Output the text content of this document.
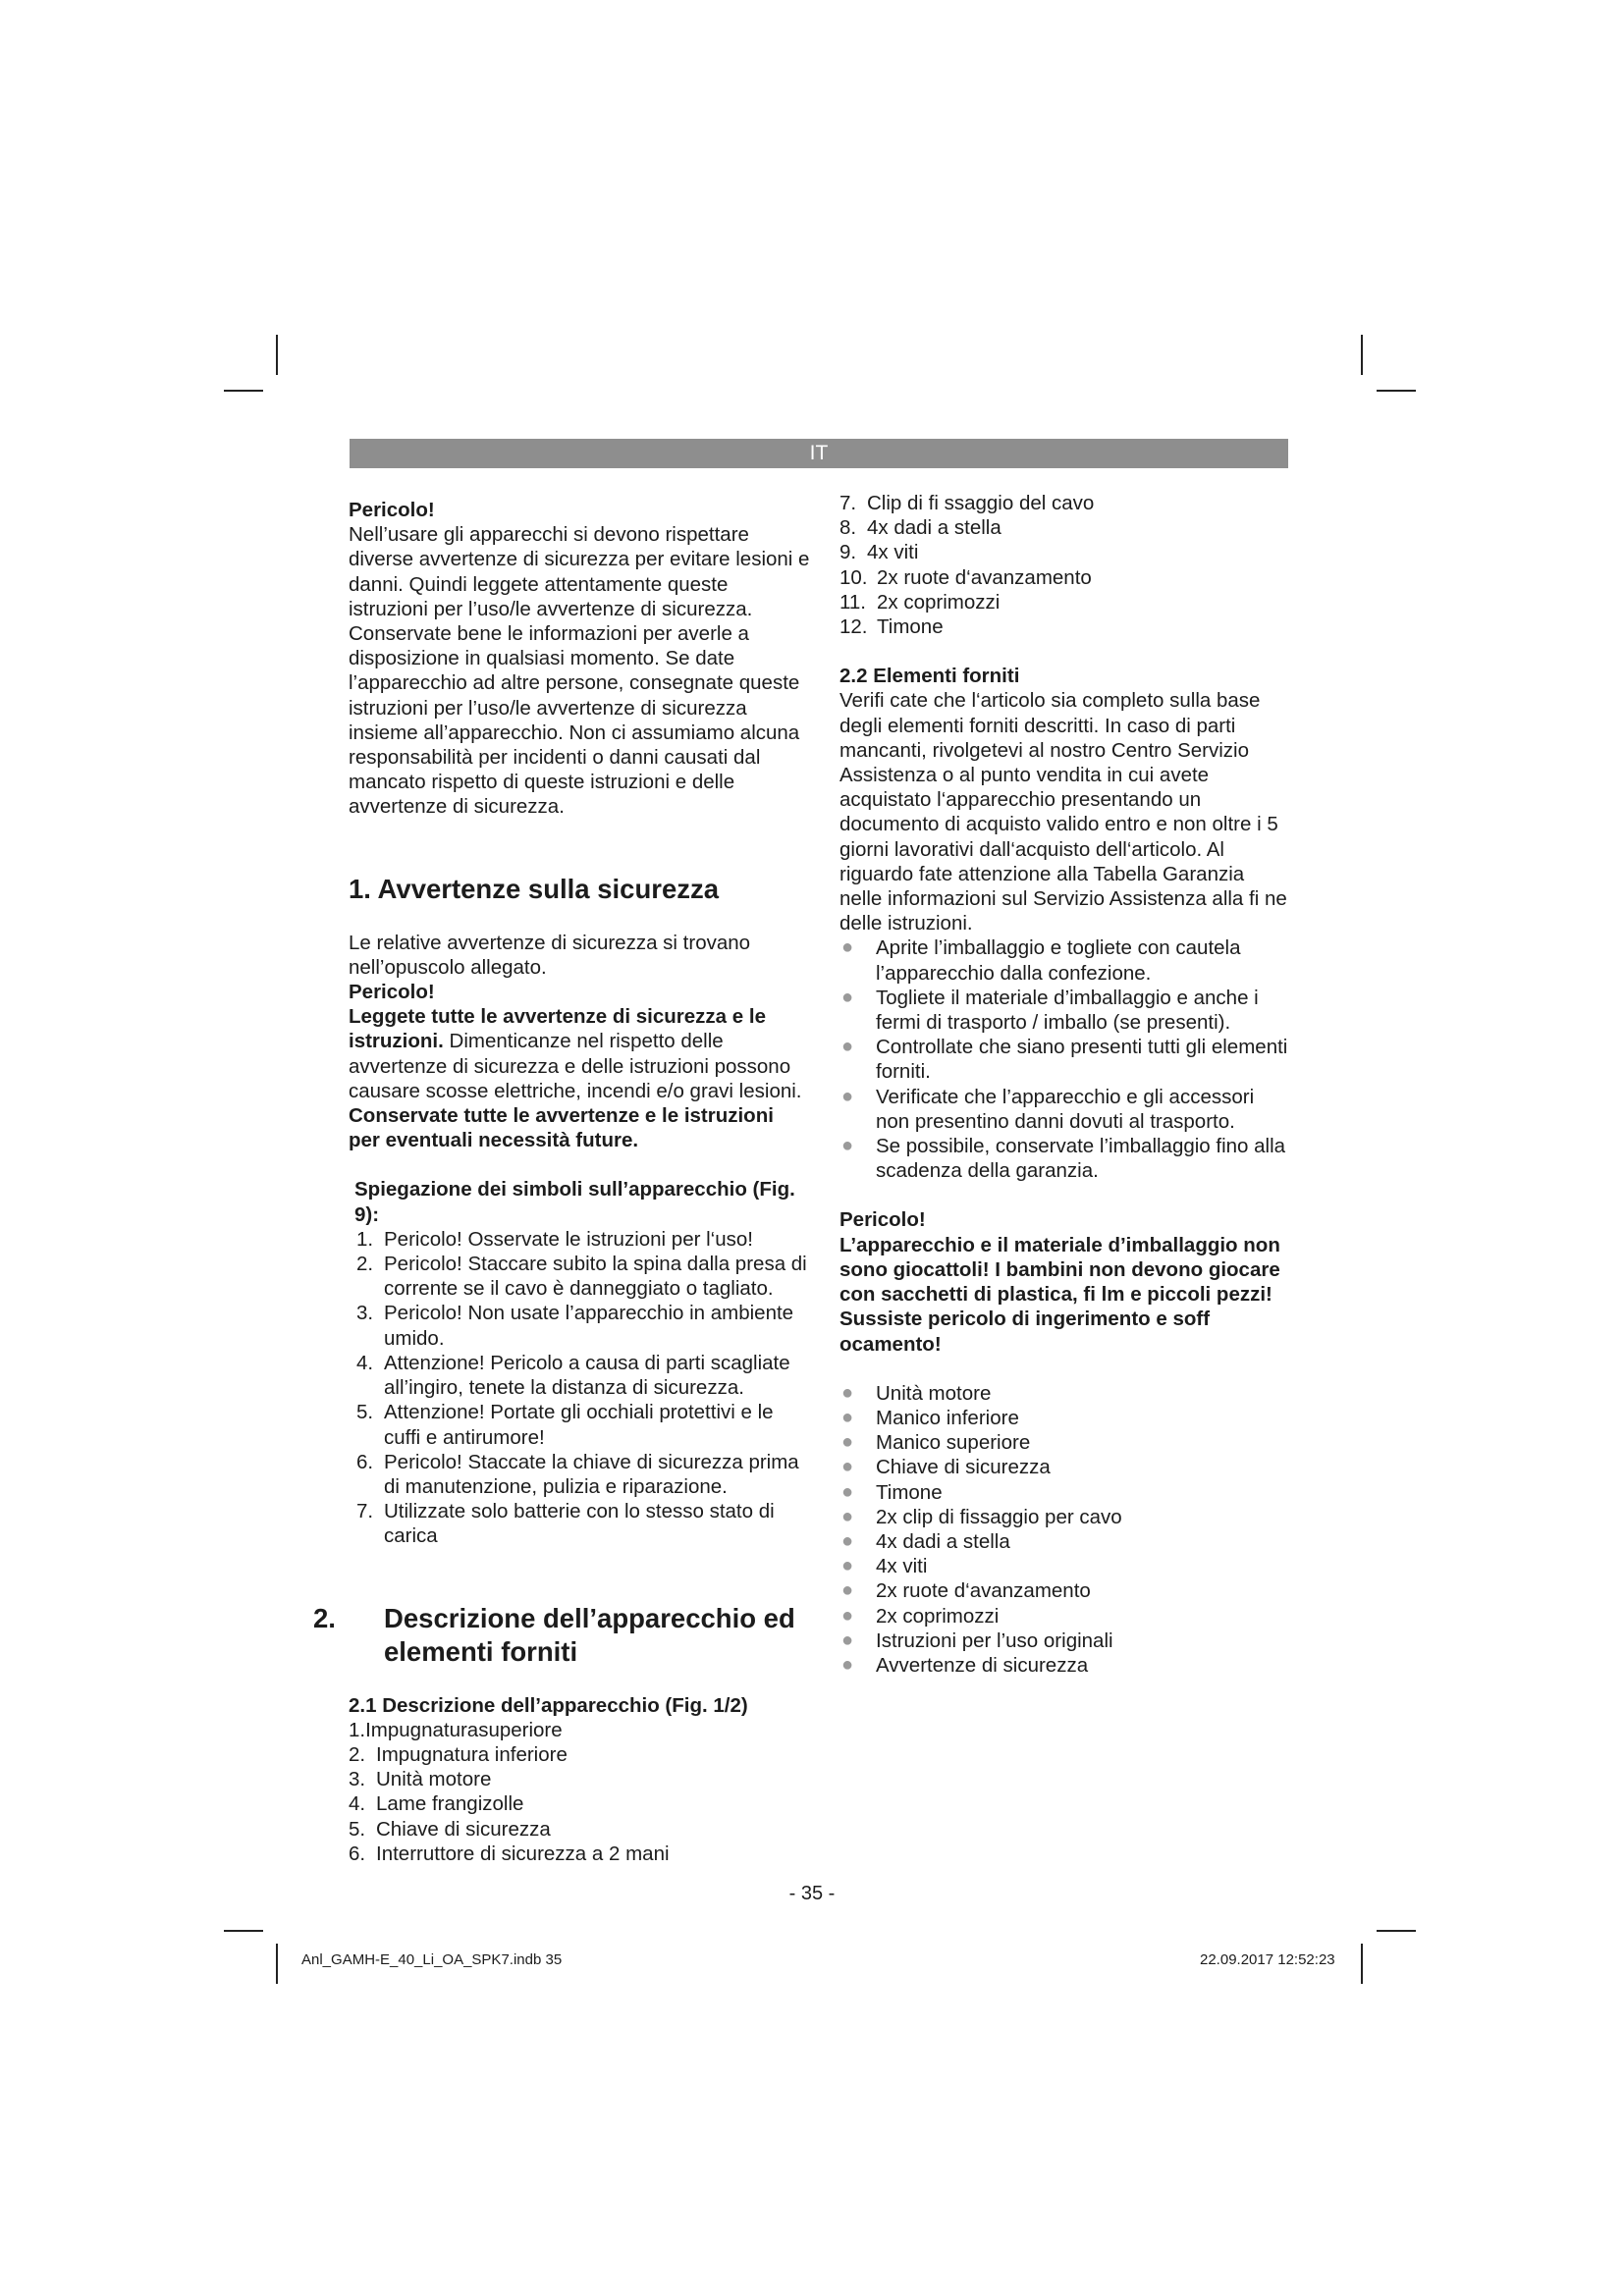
IT

Pericolo!

Nell’usare gli apparecchi si devono rispettare diverse avvertenze di sicurezza per evitare lesioni e danni. Quindi leggete attentamente queste istruzioni per l’uso/le avvertenze di sicurezza. Conservate bene le informazioni per averle a disposizione in qualsiasi momento. Se date l’apparecchio ad altre persone, consegnate queste istruzioni per l’uso/le avvertenze di sicurezza insieme all’apparecchio. Non ci assumiamo alcuna responsabilità per incidenti o danni causati dal mancato rispetto di queste istruzioni e delle avvertenze di sicurezza.

1. Avvertenze sulla sicurezza

Le relative avvertenze di sicurezza si trovano nell’opuscolo allegato.

Pericolo!

Leggete tutte le avvertenze di sicurezza e le istruzioni. Dimenticanze nel rispetto delle avvertenze di sicurezza e delle istruzioni possono causare scosse elettriche, incendi e/o gravi lesioni.

Conservate tutte le avvertenze e le istruzioni per eventuali necessità future.

Spiegazione dei simboli sull’apparecchio (Fig. 9):

1. Pericolo! Osservate le istruzioni per l‘uso!
2. Pericolo! Staccare subito la spina dalla presa di corrente se il cavo è danneggiato o tagliato.
3. Pericolo! Non usate l’apparecchio in ambiente umido.
4. Attenzione! Pericolo a causa di parti scagliate all’ingiro, tenete la distanza di sicurezza.
5. Attenzione! Portate gli occhiali protettivi e le cuffi e antirumore!
6. Pericolo! Staccate la chiave di sicurezza prima di manutenzione, pulizia e riparazione.
7. Utilizzate solo batterie con lo stesso stato di carica

2. Descrizione dell’apparecchio ed elementi forniti

2.1 Descrizione dell’apparecchio (Fig. 1/2)

1.Impugnaturasuperiore

2. Impugnatura inferiore
3. Unità motore
4. Lame frangizolle
5. Chiave di sicurezza
6. Interruttore di sicurezza a 2 mani
7. Clip di fi ssaggio del cavo
8. 4x dadi a stella
9. 4x viti
10. 2x ruote d‘avanzamento
11. 2x coprimozzi
12. Timone

2.2 Elementi forniti

Verifi cate che l‘articolo sia completo sulla base degli elementi forniti descritti. In caso di parti mancanti, rivolgetevi al nostro Centro Servizio Assistenza o al punto vendita in cui avete acquistato l‘apparecchio presentando un documento di acquisto valido entro e non oltre i 5 giorni lavorativi dall‘acquisto dell‘articolo. Al riguardo fate attenzione alla Tabella Garanzia nelle informazioni sul Servizio Assistenza alla fi ne delle istruzioni.

● Aprite l’imballaggio e togliete con cautela l’apparecchio dalla confezione.
● Togliete il materiale d’imballaggio e anche i fermi di trasporto / imballo (se presenti).
● Controllate che siano presenti tutti gli elementi forniti.
● Verificate che l’apparecchio e gli accessori non presentino danni dovuti al trasporto.
● Se possibile, conservate l’imballaggio fino alla scadenza della garanzia.

Pericolo!

L’apparecchio e il materiale d’imballaggio non sono giocattoli! I bambini non devono giocare con sacchetti di plastica, fi lm e piccoli pezzi! Sussiste pericolo di ingerimento e soff ocamento!

● Unità motore
● Manico inferiore
● Manico superiore
● Chiave di sicurezza
● Timone
● 2x clip di fissaggio per cavo
● 4x dadi a stella
● 4x viti
● 2x ruote d‘avanzamento
● 2x coprimozzi
● Istruzioni per l’uso originali
● Avvertenze di sicurezza
- 35 -
Anl_GAMH-E_40_Li_OA_SPK7.indb 35	22.09.2017 12:52:23
